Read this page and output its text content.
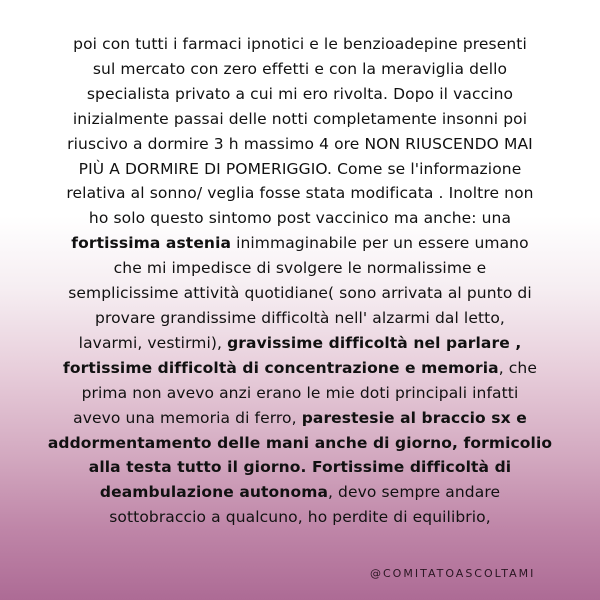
poi con tutti i farmaci ipnotici e le benzioadepine presenti
sul mercato con zero effetti e con la meraviglia dello
specialista privato a cui mi ero rivolta. Dopo il vaccino
inizialmente passai delle notti completamente insonni poi
riuscivo a dormire 3 h massimo 4 ore NON RIUSCENDO MAI
PIÙ A DORMIRE DI POMERIGGIO. Come se l'informazione
relativa al sonno/ veglia fosse stata modificata . Inoltre non
ho solo questo sintomo post vaccinico ma anche: una
fortissima astenia inimmaginabile per un essere umano
che mi impedisce di svolgere le normalissime e
semplicissime attività quotidiane( sono arrivata al punto di
provare grandissime difficoltà nell' alzarmi dal letto,
lavarmi, vestirmi), gravissime difficoltà nel parlare ,
fortissime difficoltà di concentrazione e memoria, che
prima non avevo anzi erano le mie doti principali infatti
avevo una memoria di ferro, parestesie al braccio sx e
addormentamento delle mani anche di giorno, formicolio
alla testa tutto il giorno. Fortissime difficoltà di
deambulazione autonoma, devo sempre andare
sottobraccio a qualcuno, ho perdite di equilibrio,
@COMITATOASCOLTAMI
